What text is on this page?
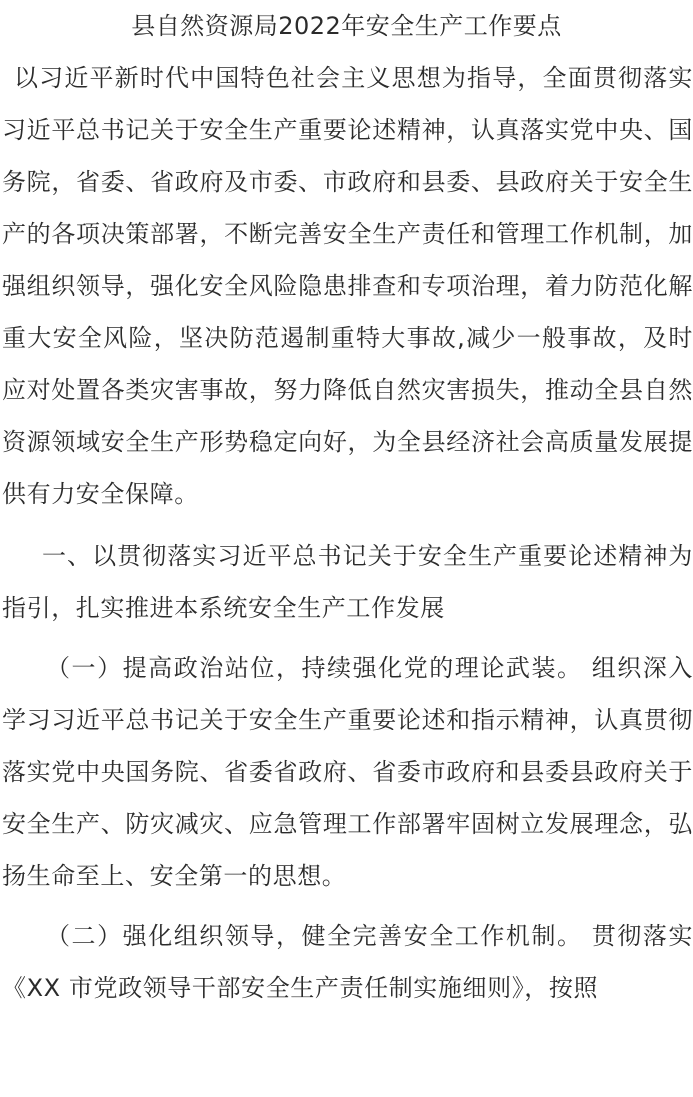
县自然资源局2022年安全生产工作要点

以习近平新时代中国特色社会主义思想为指导，全面贯彻落实习近平总书记关于安全生产重要论述精神，认真落实党中央、国务院，省委、省政府及市委、市政府和县委、县政府关于安全生产的各项决策部署，不断完善安全生产责任和管理工作机制，加强组织领导，强化安全风险隐患排查和专项治理，着力防范化解重大安全风险，坚决防范遏制重特大事故,减少一般事故，及时应对处置各类灾害事故，努力降低自然灾害损失，推动全县自然资源领域安全生产形势稳定向好，为全县经济社会高质量发展提供有力安全保障。

一、以贯彻落实习近平总书记关于安全生产重要论述精神为指引，扎实推进本系统安全生产工作发展

（一）提高政治站位，持续强化党的理论武装。 组织深入学习习近平总书记关于安全生产重要论述和指示精神，认真贯彻落实党中央国务院、省委省政府、省委市政府和县委县政府关于安全生产、防灾减灾、应急管理工作部署牢固树立发展理念，弘扬生命至上、安全第一的思想。

（二）强化组织领导，健全完善安全工作机制。 贯彻落实《XX 市党政领导干部安全生产责任制实施细则》，按照
